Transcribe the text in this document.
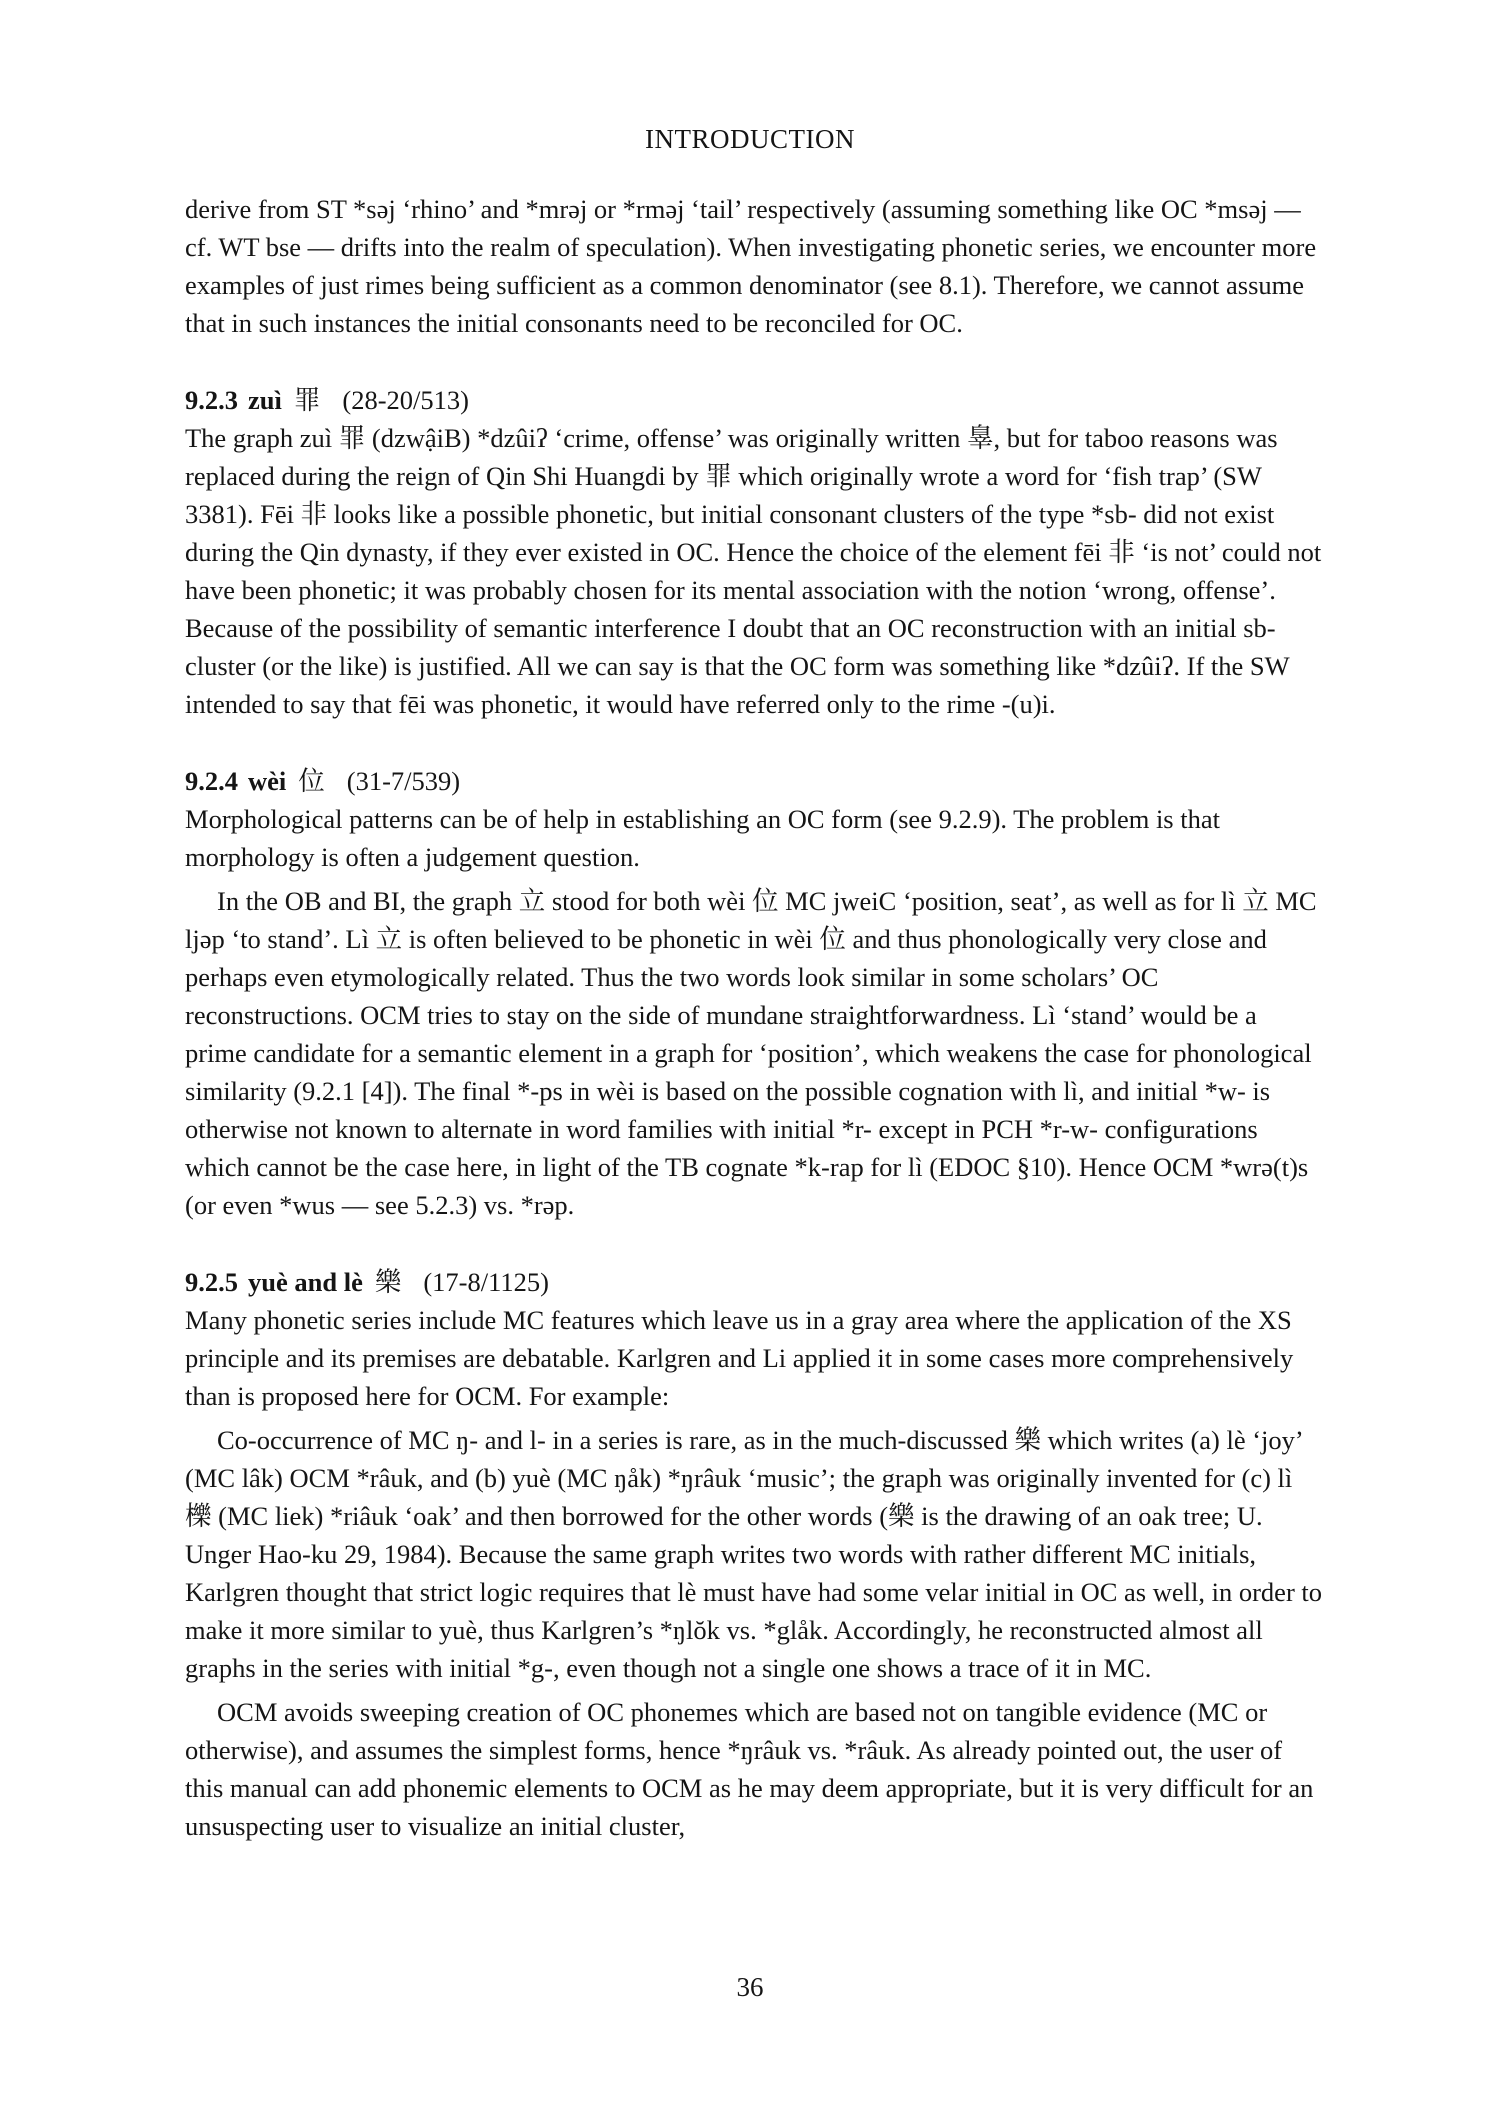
INTRODUCTION

derive from ST *səj ‘rhino’ and *mrəj or *rməj ‘tail’ respectively (assuming something like OC *msəj — cf. WT bse — drifts into the realm of speculation). When investigating phonetic series, we encounter more examples of just rimes being sufficient as a common denominator (see 8.1). Therefore, we cannot assume that in such instances the initial consonants need to be reconciled for OC.

9.2.3 zuì 罪 (28-20/513)

The graph zuì 罪 (dzwậiB) *dzûiʔ ‘crime, offense’ was originally written 辠, but for taboo reasons was replaced during the reign of Qin Shi Huangdi by 罪 which originally wrote a word for ‘fish trap’ (SW 3381). Fēi 非 looks like a possible phonetic, but initial consonant clusters of the type *sb- did not exist during the Qin dynasty, if they ever existed in OC. Hence the choice of the element fēi 非 ‘is not’ could not have been phonetic; it was probably chosen for its mental association with the notion ‘wrong, offense’. Because of the possibility of semantic interference I doubt that an OC reconstruction with an initial sb- cluster (or the like) is justified. All we can say is that the OC form was something like *dzûiʔ. If the SW intended to say that fēi was phonetic, it would have referred only to the rime -(u)i.

9.2.4 wèi 位 (31-7/539)

Morphological patterns can be of help in establishing an OC form (see 9.2.9). The problem is that morphology is often a judgement question.

In the OB and BI, the graph 立 stood for both wèi 位 MC jweiC ‘position, seat’, as well as for lì 立 MC ljəp ‘to stand’. Lì 立 is often believed to be phonetic in wèi 位 and thus phonologically very close and perhaps even etymologically related. Thus the two words look similar in some scholars’ OC reconstructions. OCM tries to stay on the side of mundane straightforwardness. Lì ‘stand’ would be a prime candidate for a semantic element in a graph for ‘position’, which weakens the case for phonological similarity (9.2.1 [4]). The final *-ps in wèi is based on the possible cognation with lì, and initial *w- is otherwise not known to alternate in word families with initial *r- except in PCH *r-w- configurations which cannot be the case here, in light of the TB cognate *k-rap for lì (EDOC §10). Hence OCM *wrə(t)s (or even *wus — see 5.2.3) vs. *rəp.

9.2.5 yuè and lè 樂 (17-8/1125)

Many phonetic series include MC features which leave us in a gray area where the application of the XS principle and its premises are debatable. Karlgren and Li applied it in some cases more comprehensively than is proposed here for OCM. For example:

Co-occurrence of MC ŋ- and l- in a series is rare, as in the much-discussed 樂 which writes (a) lè ‘joy’ (MC lâk) OCM *râuk, and (b) yuè (MC ŋåk) *ŋrâuk ‘music’; the graph was originally invented for (c) lì 櫟 (MC liek) *riâuk ‘oak’ and then borrowed for the other words (樂 is the drawing of an oak tree; U. Unger Hao-ku 29, 1984). Because the same graph writes two words with rather different MC initials, Karlgren thought that strict logic requires that lè must have had some velar initial in OC as well, in order to make it more similar to yuè, thus Karlgren’s *ŋlŏk vs. *glåk. Accordingly, he reconstructed almost all graphs in the series with initial *g-, even though not a single one shows a trace of it in MC.

OCM avoids sweeping creation of OC phonemes which are based not on tangible evidence (MC or otherwise), and assumes the simplest forms, hence *ŋrâuk vs. *râuk. As already pointed out, the user of this manual can add phonemic elements to OCM as he may deem appropriate, but it is very difficult for an unsuspecting user to visualize an initial cluster,

36
